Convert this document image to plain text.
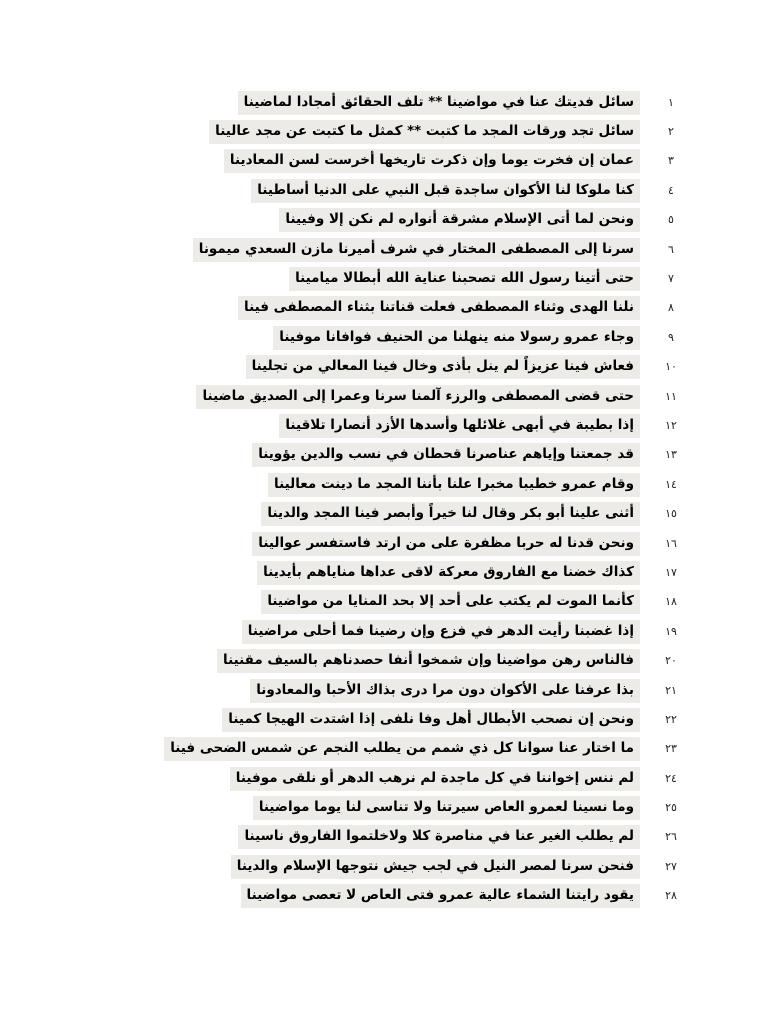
١
سائل فديتك عنا في مواضينا ** تلف الحقائق أمجادا لماضينا
٢
سائل تجد ورقات المجد ما كتبت ** كمثل ما كتبت عن مجد عالينا
٣
عمان إن فخرت يوما وإن ذكرت تاريخها أخرست لسن المعادينا
٤
كنا ملوكا لنا الأكوان ساجدة قبل النبي على الدنيا أساطينا
٥
ونحن لما أتى الإسلام مشرقة أنواره لم نكن إلا وفيينا
٦
سرنا إلى المصطفى المختار في شرف أميرنا مازن السعدي ميمونا
٧
حتى أتينا رسول الله تصحبنا عناية الله أبطالا ميامينا
٨
نلنا الهدى وثناء المصطفى فعلت قناتنا بثناء المصطفى فينا
٩
وجاء عمرو رسولا منه ينهلنا من الحنيف فوافانا موفينا
١٠
فعاش فينا عزيزاً لم ينل بأذى وخال فينا المعالي من تجلينا
١١
حتى قضى المصطفى والرزء آلمنا سرنا وعمرا إلى الصديق ماضينا
١٢
إذا بطيبة في أبهى غلائلها وأسدها الأزد أنصارا تلاقينا
١٣
قد جمعتنا وإياهم عناصرنا قحطان في نسب والدين يؤوينا
١٤
وقام عمرو خطيبا مخبرا علنا بأننا المجد ما دينت معالينا
١٥
أثنى علينا أبو بكر وقال لنا خيراً وأبصر فينا المجد والدينا
١٦
ونحن قدنا له حربا مظفرة على من ارتد فاستفسر عوالينا
١٧
كذاك خضنا مع الفاروق معركة لاقى عداها مناياهم بأيدينا
١٨
كأنما الموت لم يكتب على أحد إلا بحد المنايا من مواضينا
١٩
إذا غضبنا رأيت الدهر في فزع وإن رضينا فما أحلى مراضينا
٢٠
فالناس رهن مواضينا وإن شمخوا أنفا حصدناهم بالسيف مقنينا
٢١
بذا عرفنا على الأكوان دون مرا درى بذاك الأحبا والمعادونا
٢٢
ونحن إن نصحب الأبطال أهل وفا نلفى إذا اشتدت الهيجا كمينا
٢٣
ما اختار عنا سوانا كل ذي شمم من يطلب النجم عن شمس الضحى فينا
٢٤
لم ننس إخواننا في كل ماجدة لم نرهب الدهر أو نلقى موفينا
٢٥
وما نسينا لعمرو العاص سيرتنا ولا تناسى لنا يوما مواضينا
٢٦
لم يطلب الغير عنا في مناصرة كلا ولاخلتموا الفاروق ناسينا
٢٧
فنحن سرنا لمصر النيل في لجب جيش نتوجها الإسلام والدينا
٢٨
يقود رايتنا الشماء عالية عمرو فتى العاص لا تعصى مواضينا
